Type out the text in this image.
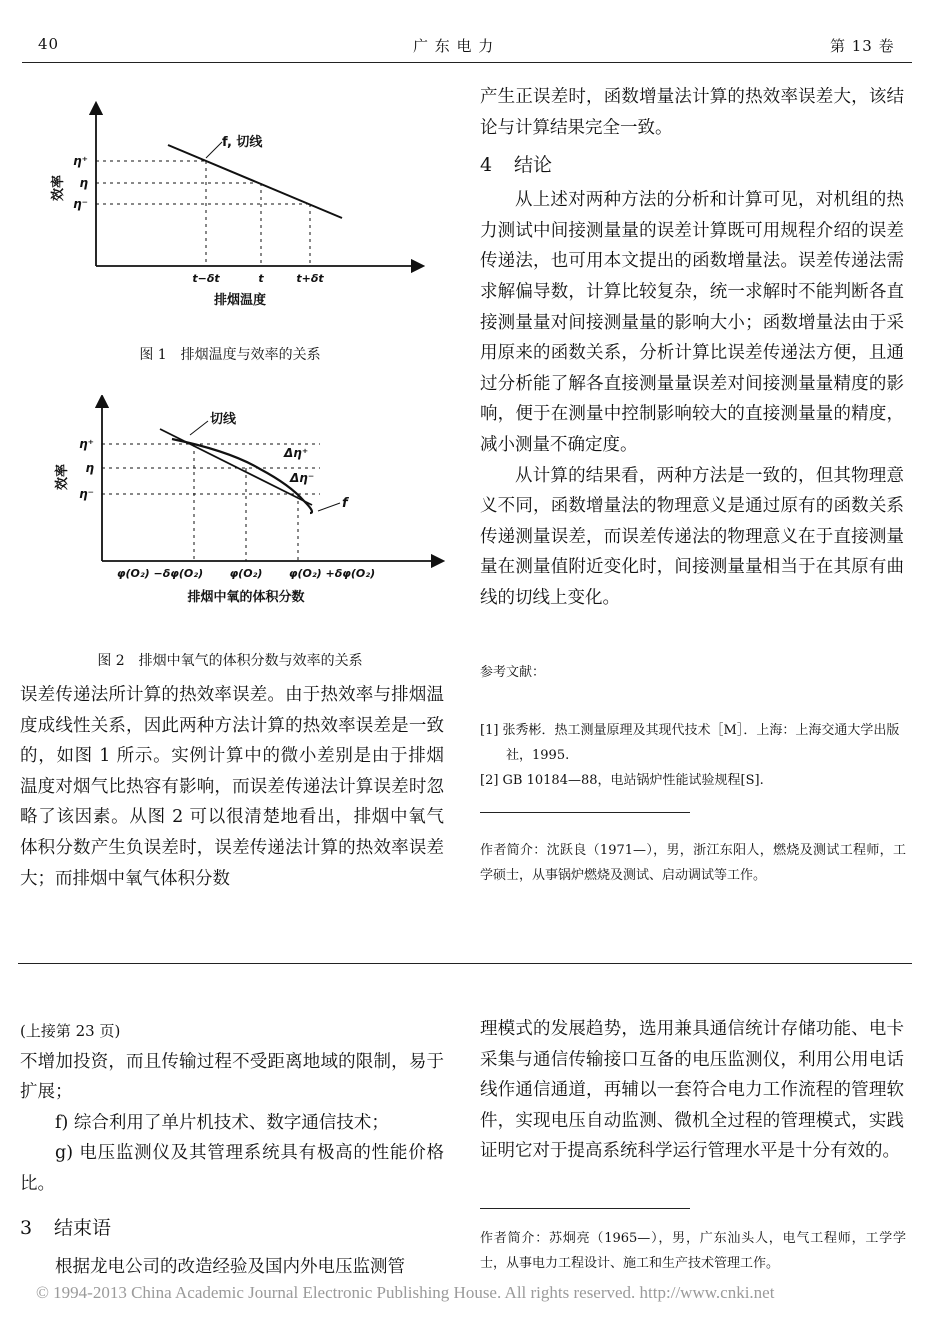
40	广 东 电 力	第 13 卷
效率
η⁺
η
η⁻
f, 切线
t−δt	t	t+δt
排烟温度
图 1　排烟温度与效率的关系
效率
η⁺
η
η⁻
切线
Δη⁺
Δη⁻
f
φ(O₂) −δφ(O₂) φ(O₂) φ(O₂) +δφ(O₂)
排烟中氧的体积分数
图 2　排烟中氧气的体积分数与效率的关系

误差传递法所计算的热效率误差。由于热效率与排烟温度成线性关系，因此两种方法计算的热效率误差是一致的，如图 1 所示。实例计算中的微小差别是由于排烟温度对烟气比热容有影响，而误差传递法计算误差时忽略了该因素。从图 2 可以很清楚地看出，排烟中氧气体积分数产生负误差时，误差传递法计算的热效率误差大；而排烟中氧气体积分数

产生正误差时，函数增量法计算的热效率误差大，该结论与计算结果完全一致。

4 结论

从上述对两种方法的分析和计算可见，对机组的热力测试中间接测量量的误差计算既可用规程介绍的误差传递法，也可用本文提出的函数增量法。误差传递法需求解偏导数，计算比较复杂，统一求解时不能判断各直接测量量对间接测量量的影响大小；函数增量法由于采用原来的函数关系，分析计算比误差传递法方便，且通过分析能了解各直接测量量误差对间接测量量精度的影响，便于在测量中控制影响较大的直接测量量的精度，减小测量不确定度。

从计算的结果看，两种方法是一致的，但其物理意义不同，函数增量法的物理意义是通过原有的函数关系传递测量误差，而误差传递法的物理意义在于直接测量量在测量值附近变化时，间接测量量相当于在其原有曲线的切线上变化。

参考文献：
[1] 张秀彬．热工测量原理及其现代技术［M］．上海：上海交通大学出版社，1995.
[2] GB 10184—88，电站锅炉性能试验规程[S].
作者简介：沈跃良（1971—），男，浙江东阳人，燃烧及测试工程师，工学硕士，从事锅炉燃烧及测试、启动调试等工作。

(上接第 23 页)

不增加投资，而且传输过程不受距离地域的限制，易于扩展；

f) 综合利用了单片机技术、数字通信技术；

g) 电压监测仪及其管理系统具有极高的性能价格比。

3 结束语

根据龙电公司的改造经验及国内外电压监测管

理模式的发展趋势，选用兼具通信统计存储功能、电卡采集与通信传输接口互备的电压监测仪，利用公用电话线作通信通道，再辅以一套符合电力工作流程的管理软件，实现电压自动监测、微机全过程的管理模式，实践证明它对于提高系统科学运行管理水平是十分有效的。

作者简介：苏炯亮（1965—），男，广东汕头人，电气工程师，工学学士，从事电力工程设计、施工和生产技术管理工作。
© 1994-2013 China Academic Journal Electronic Publishing House. All rights reserved. http://www.cnki.net
